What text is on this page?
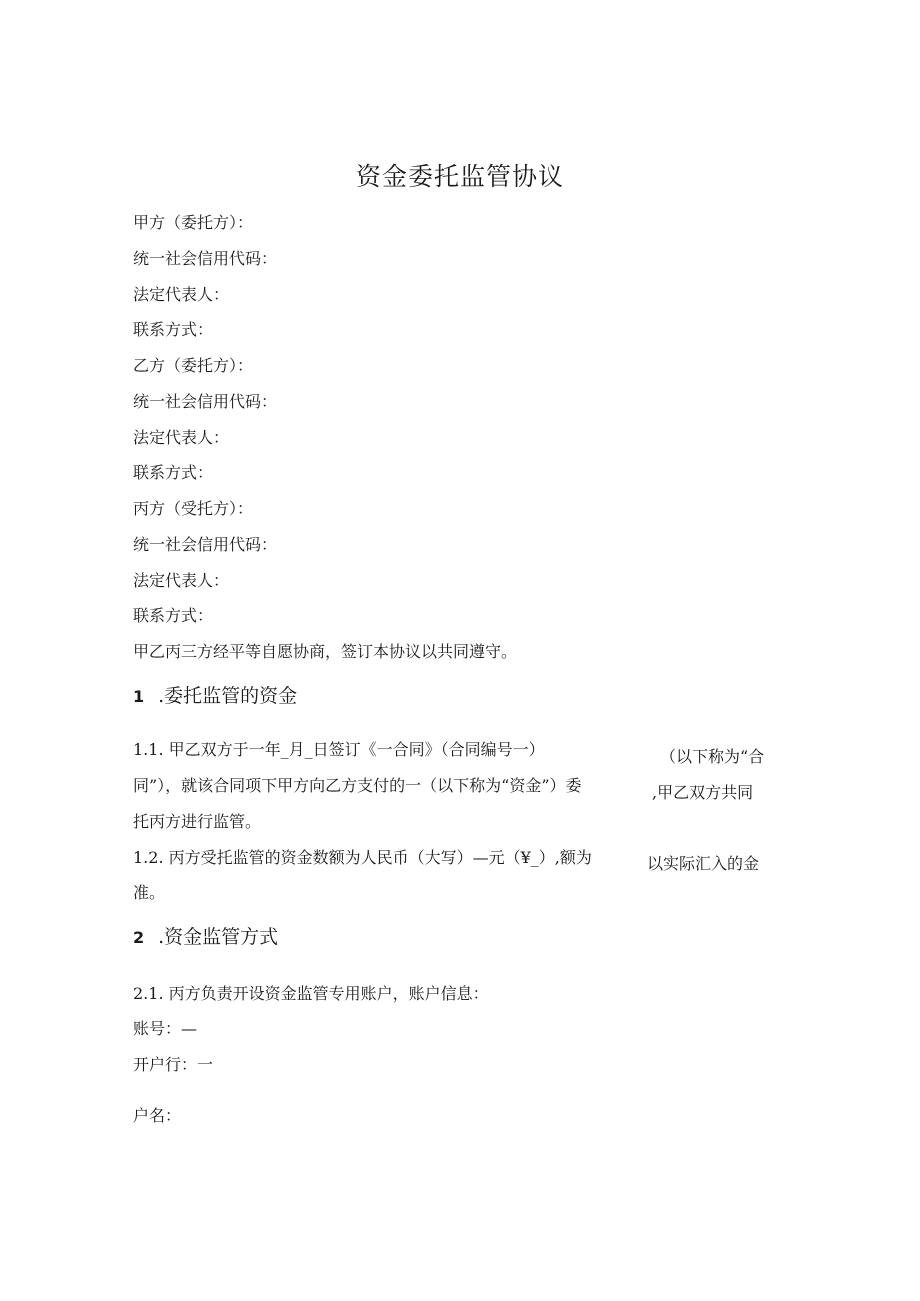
资金委托监管协议
甲方（委托方）：
统一社会信用代码：
法定代表人：
联系方式：
乙方（委托方）：
统一社会信用代码：
法定代表人：
联系方式：
丙方（受托方）：
统一社会信用代码：
法定代表人：
联系方式：
甲乙丙三方经平等自愿协商，签订本协议以共同遵守。
1 .委托监管的资金
1.1. 甲乙双方于一年_月_日签订《一合同》（合同编号一）	（以下称为“合
同”），就该合同项下甲方向乙方支付的一（以下称为“资金”）委	,甲乙双方共同
托丙方进行监管。
1.2. 丙方受托监管的资金数额为人民币（大写）—元（¥_）,额为	以实际汇入的金
准。
2 .资金监管方式
2.1. 丙方负责开设资金监管专用账户，账户信息：
账号：—
开户行：一
户名：
